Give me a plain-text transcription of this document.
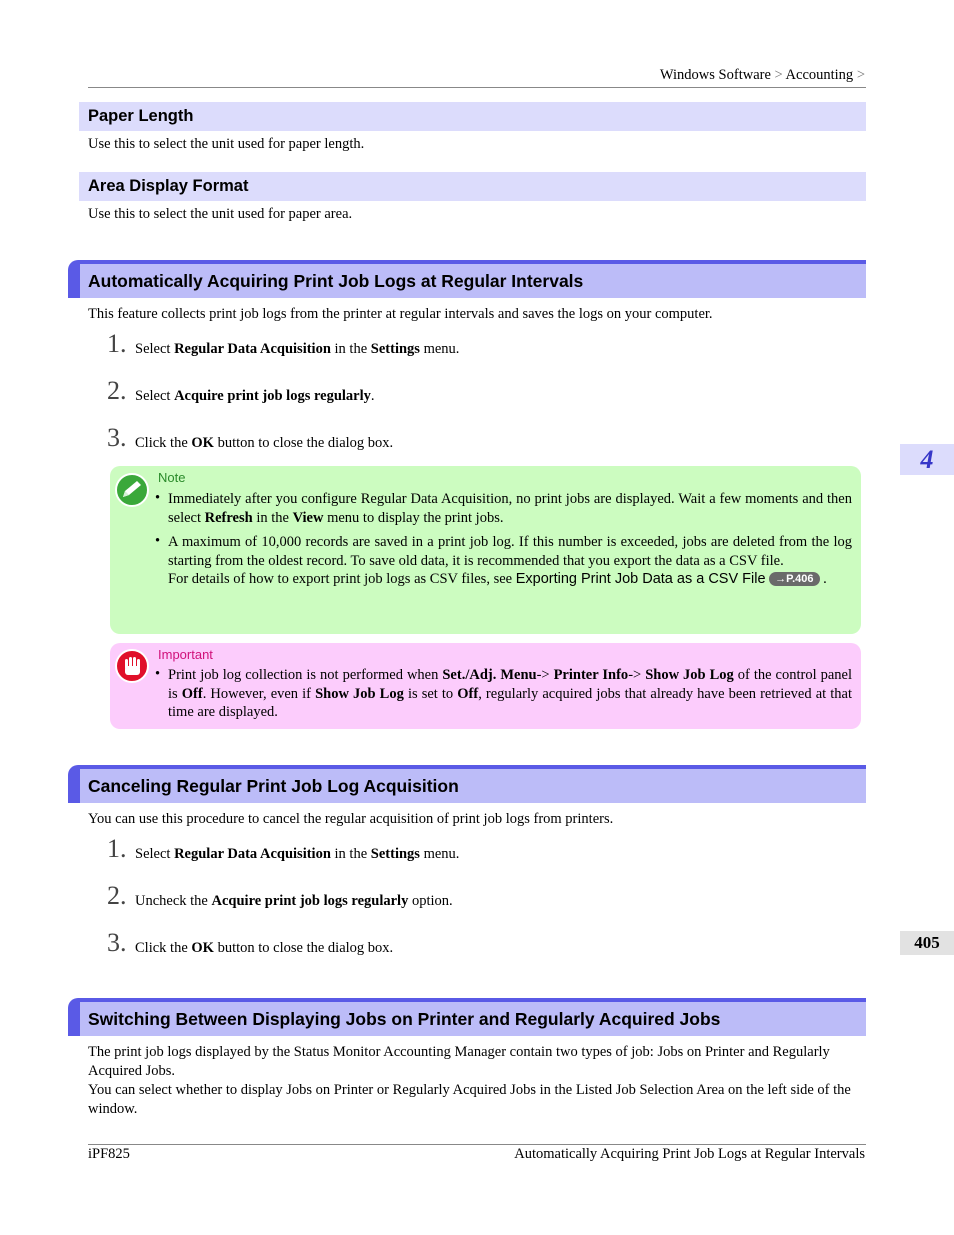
Windows Software > Accounting >
Paper Length
Use this to select the unit used for paper length.
Area Display Format
Use this to select the unit used for paper area.
Automatically Acquiring Print Job Logs at Regular Intervals
This feature collects print job logs from the printer at regular intervals and saves the logs on your computer.
1. Select Regular Data Acquisition in the Settings menu.
2. Select Acquire print job logs regularly.
3. Click the OK button to close the dialog box.
Note
• Immediately after you configure Regular Data Acquisition, no print jobs are displayed. Wait a few moments and then select Refresh in the View menu to display the print jobs.
• A maximum of 10,000 records are saved in a print job log. If this number is exceeded, jobs are deleted from the log starting from the oldest record. To save old data, it is recommended that you export the data as a CSV file.
For details of how to export print job logs as CSV files, see Exporting Print Job Data as a CSV File →P.406 .
Important
• Print job log collection is not performed when Set./Adj. Menu-> Printer Info-> Show Job Log of the control panel is Off. However, even if Show Job Log is set to Off, regularly acquired jobs that already have been retrieved at that time are displayed.
Canceling Regular Print Job Log Acquisition
You can use this procedure to cancel the regular acquisition of print job logs from printers.
1. Select Regular Data Acquisition in the Settings menu.
2. Uncheck the Acquire print job logs regularly option.
3. Click the OK button to close the dialog box.
Switching Between Displaying Jobs on Printer and Regularly Acquired Jobs
The print job logs displayed by the Status Monitor Accounting Manager contain two types of job: Jobs on Printer and Regularly Acquired Jobs.
You can select whether to display Jobs on Printer or Regularly Acquired Jobs in the Listed Job Selection Area on the left side of the window.
iPF825	Automatically Acquiring Print Job Logs at Regular Intervals
4
405
